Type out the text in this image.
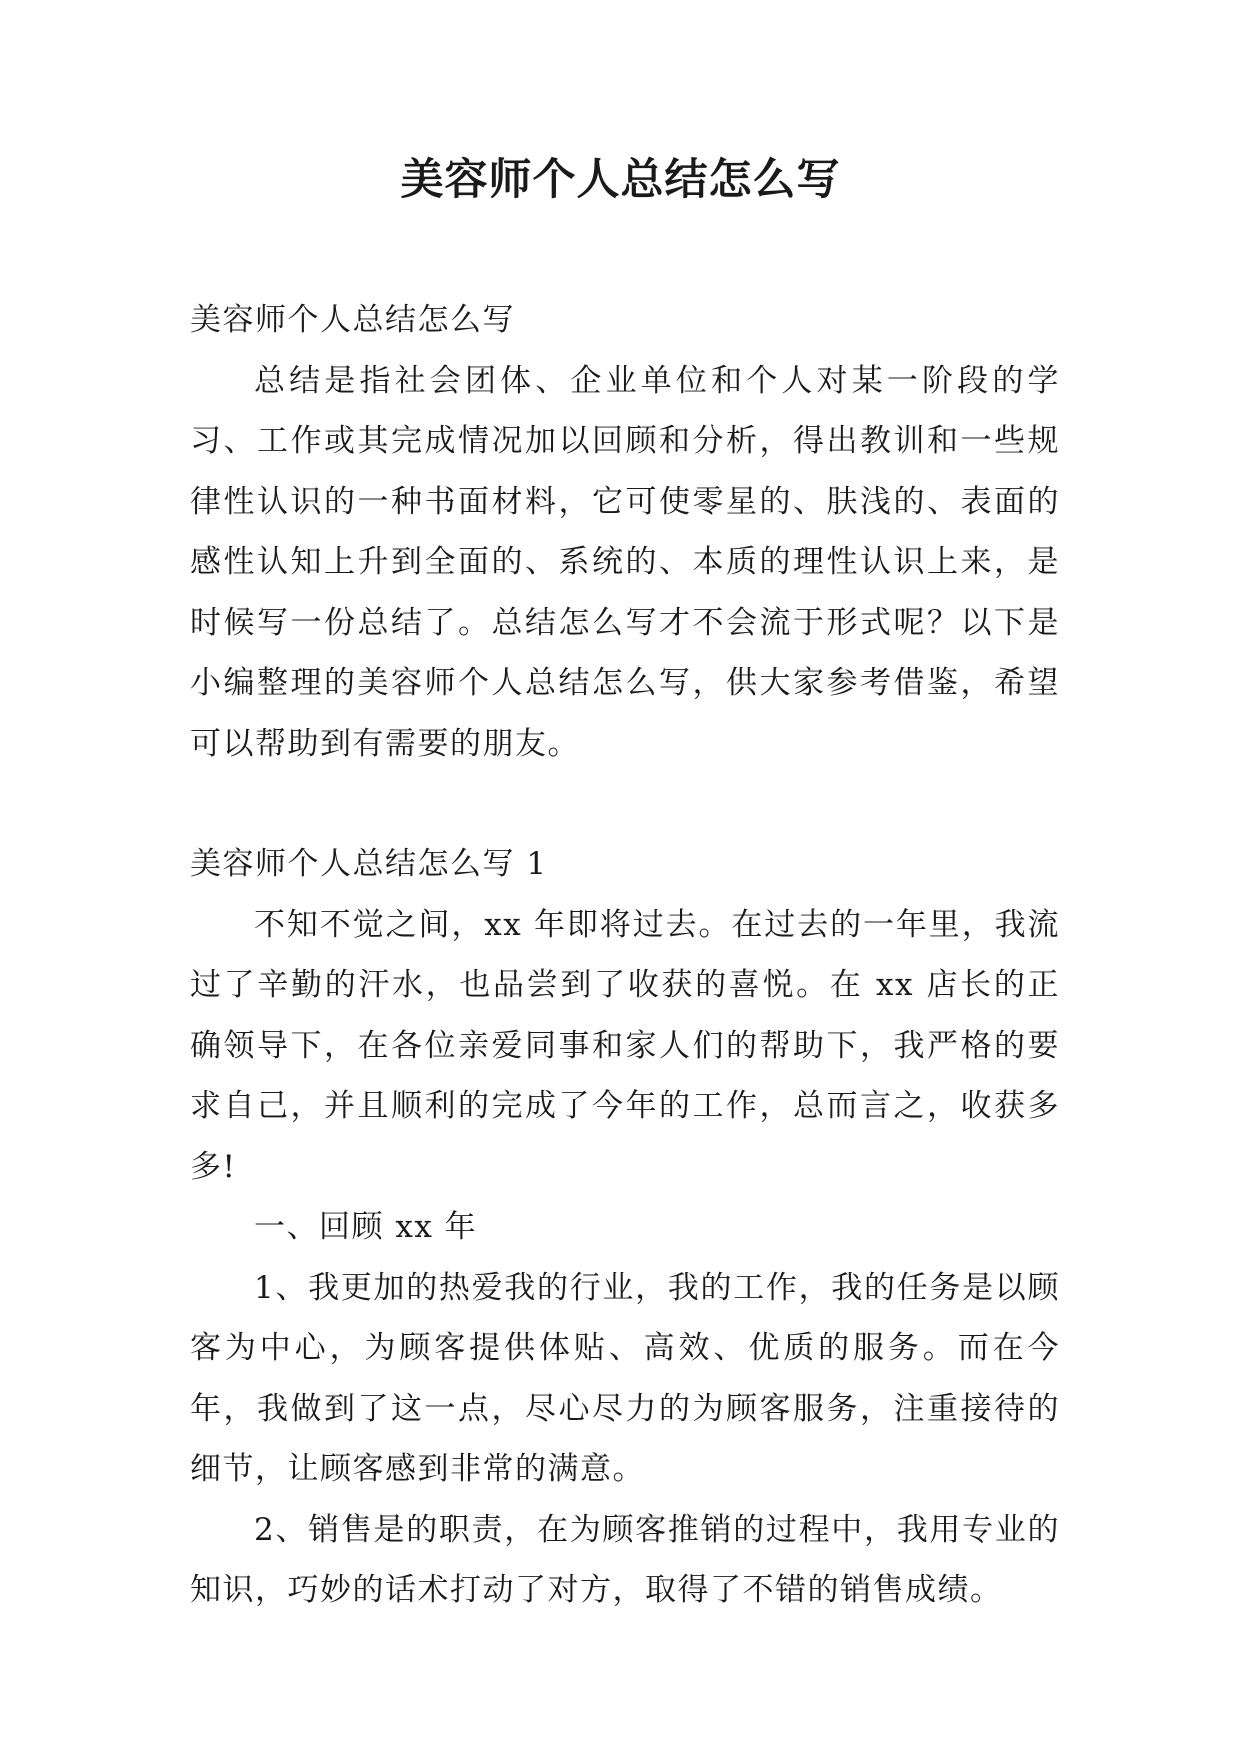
美容师个人总结怎么写

美容师个人总结怎么写

总结是指社会团体、企业单位和个人对某一阶段的学习、工作或其完成情况加以回顾和分析，得出教训和一些规律性认识的一种书面材料，它可使零星的、肤浅的、表面的感性认知上升到全面的、系统的、本质的理性认识上来，是时候写一份总结了。总结怎么写才不会流于形式呢？以下是小编整理的美容师个人总结怎么写，供大家参考借鉴，希望可以帮助到有需要的朋友。

美容师个人总结怎么写 1

不知不觉之间，xx 年即将过去。在过去的一年里，我流过了辛勤的汗水，也品尝到了收获的喜悦。在 xx 店长的正确领导下，在各位亲爱同事和家人们的帮助下，我严格的要求自己，并且顺利的完成了今年的工作，总而言之，收获多多!

一、回顾 xx 年

1、我更加的热爱我的行业，我的工作，我的任务是以顾客为中心，为顾客提供体贴、高效、优质的服务。而在今年，我做到了这一点，尽心尽力的为顾客服务，注重接待的细节，让顾客感到非常的满意。

2、销售是的职责，在为顾客推销的过程中，我用专业的知识，巧妙的话术打动了对方，取得了不错的销售成绩。
